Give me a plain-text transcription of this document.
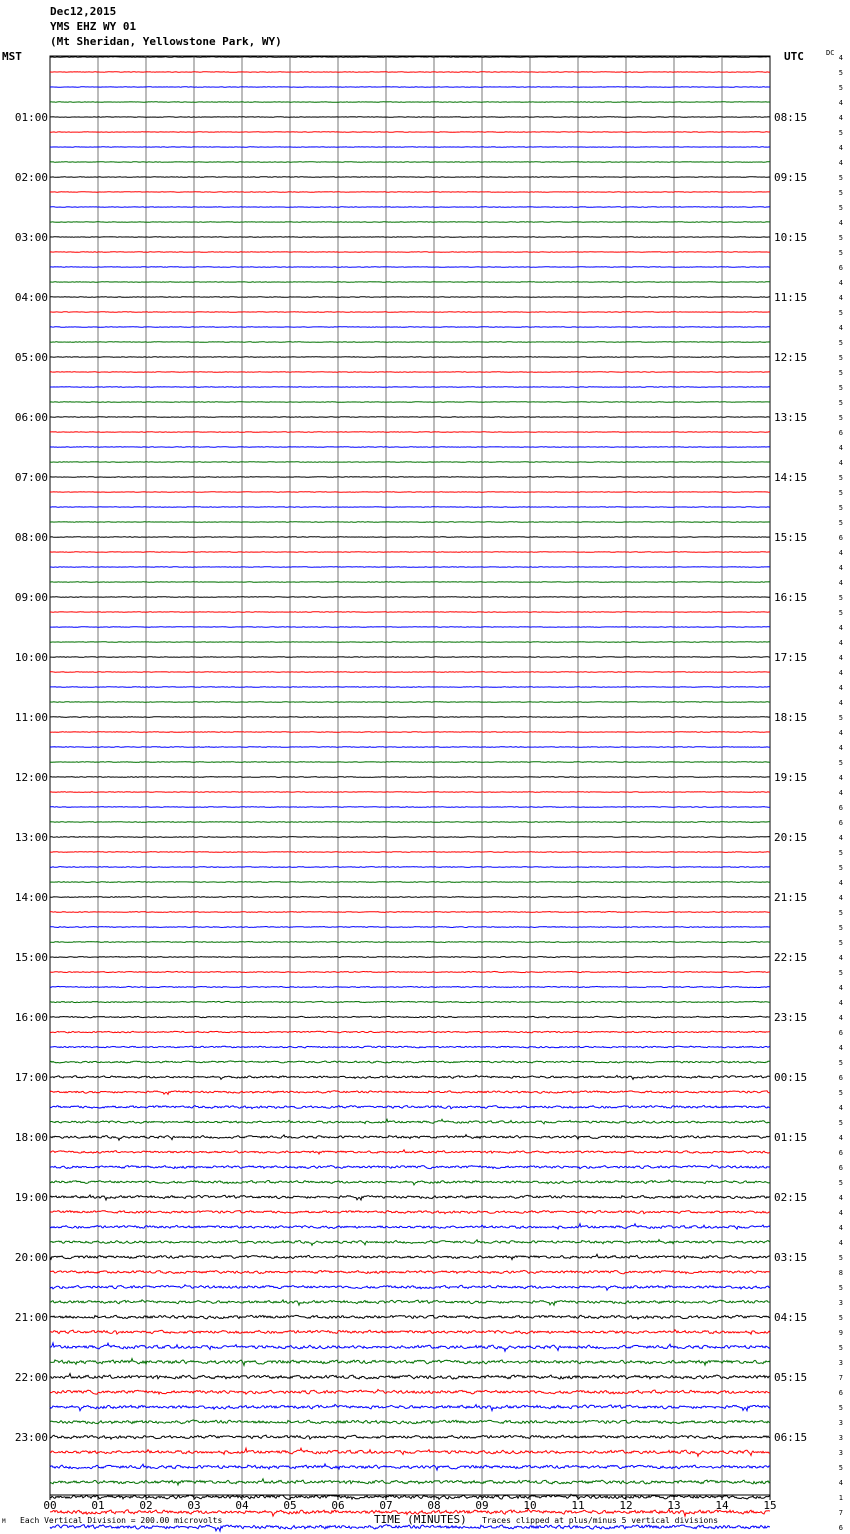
Dec12,2015
YMS EHZ WY 01
(Mt Sheridan, Yellowstone Park, WY)
MST	UTC	DC
00	01	02	03	04	05	06	07	08	09	10	11	12	13	14	15
01:00
02:00
03:00
04:00
05:00
06:00
07:00
08:00
09:00
10:00
11:00
12:00
13:00
14:00
15:00
16:00
17:00
18:00
19:00
20:00
21:00
22:00
23:00
08:15
09:15
10:15
11:15
12:15
13:15
14:15
15:15
16:15
17:15
18:15
19:15
20:15
21:15
22:15
23:15
00:15
01:15
02:15
03:15
04:15
05:15
06:15
4
5
5
4
4
5
4
4
5
5
5
4
5
5
6
4
4
5
4
5
5
5
5
5
5
6
4
4
5
5
5
5
6
4
4
4
5
5
4
4
4
4
4
4
5
4
4
5
4
4
6
6
4
5
5
4
4
5
5
5
4
5
4
4
4
6
4
5
6
5
4
5
4
6
6
5
4
4
4
4
5
8
5
3
5
9
5
3
7
6
5
3
3
3
5
4
1
7
6
M Each Vertical Division = 200.00 microvolts	TIME (MINUTES) Traces clipped at plus/minus 5 vertical divisions
